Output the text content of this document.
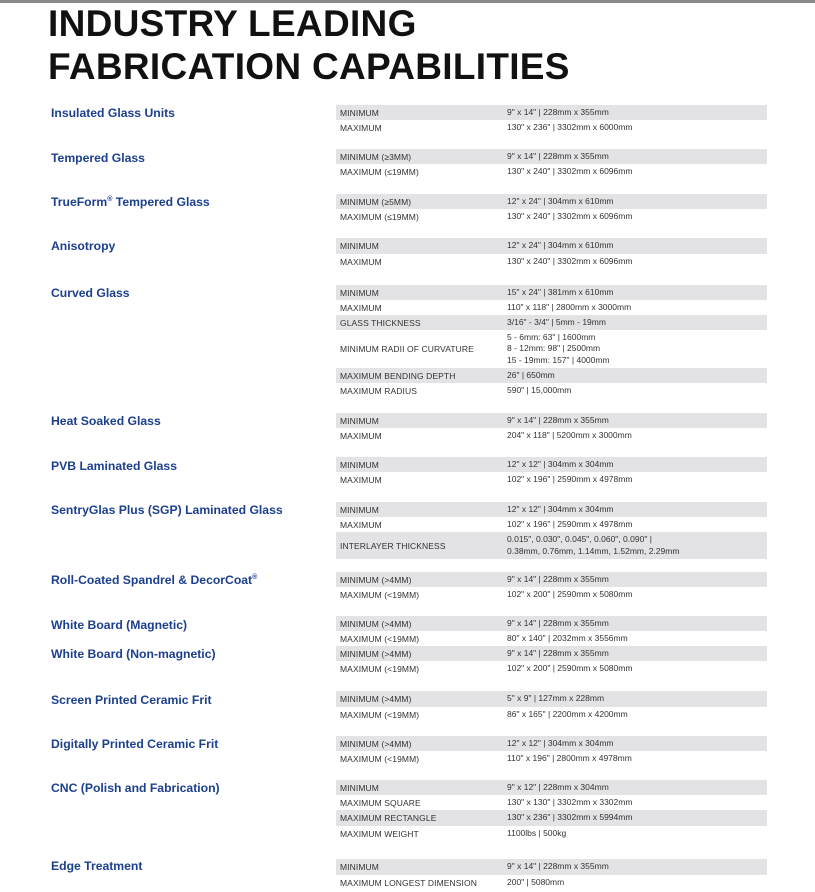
INDUSTRY LEADING
FABRICATION CAPABILITIES
Insulated Glass Units	MINIMUM	9" x 14" | 228mm x 355mm
MAXIMUM	130" x 236" | 3302mm x 6000mm
Tempered Glass	MINIMUM (≥3MM)	9" x 14" | 228mm x 355mm
MAXIMUM (≤19MM)	130" x 240" | 3302mm x 6096mm
TrueForm® Tempered Glass	MINIMUM (≥5MM)	12" x 24" | 304mm x 610mm
MAXIMUM (≤19MM)	130" x 240" | 3302mm x 6096mm
Anisotropy	MINIMUM	12" x 24" | 304mm x 610mm
MAXIMUM	130" x 240" | 3302mm x 6096mm
Curved Glass	MINIMUM	15" x 24" | 381mm x 610mm
MAXIMUM	110" x 118" | 2800mm x 3000mm
GLASS THICKNESS	3/16" - 3/4" | 5mm - 19mm
MINIMUM RADII OF CURVATURE
5 - 6mm: 63" | 1600mm
8 - 12mm: 98" | 2500mm
15 - 19mm: 157" | 4000mm
MAXIMUM BENDING DEPTH	26" | 650mm
MAXIMUM RADIUS	590" | 15,000mm
Heat Soaked Glass	MINIMUM	9" x 14" | 228mm x 355mm
MAXIMUM	204" x 118" | 5200mm x 3000mm
PVB Laminated Glass	MINIMUM	12" x 12" | 304mm x 304mm
MAXIMUM	102" x 196" | 2590mm x 4978mm
SentryGlas Plus (SGP) Laminated Glass	MINIMUM	12" x 12" | 304mm x 304mm
MAXIMUM	102" x 196" | 2590mm x 4978mm
INTERLAYER THICKNESS
0.015", 0.030", 0.045", 0.060", 0.090" |
0.38mm, 0.76mm, 1.14mm, 1.52mm, 2.29mm
Roll-Coated Spandrel & DecorCoat®	MINIMUM (>4MM)	9" x 14" | 228mm x 355mm
MAXIMUM (<19MM)	102" x 200" | 2590mm x 5080mm
White Board (Magnetic)	MINIMUM (>4MM)	9" x 14" | 228mm x 355mm
MAXIMUM (<19MM)	80" x 140" | 2032mm x 3556mm
White Board (Non-magnetic)	MINIMUM (>4MM)	9" x 14" | 228mm x 355mm
MAXIMUM (<19MM)	102" x 200" | 2590mm x 5080mm
Screen Printed Ceramic Frit	MINIMUM (>4MM)	5" x 9" | 127mm x 228mm
MAXIMUM (<19MM)	86" x 165" | 2200mm x 4200mm
Digitally Printed Ceramic Frit	MINIMUM (>4MM)	12" x 12" | 304mm x 304mm
MAXIMUM (<19MM)	110" x 196" | 2800mm x 4978mm
CNC (Polish and Fabrication)	MINIMUM	9" x 12" | 228mm x 304mm
MAXIMUM SQUARE	130" x 130" | 3302mm x 3302mm
MAXIMUM RECTANGLE	130" x 236" | 3302mm x 5994mm
MAXIMUM WEIGHT	1100lbs | 500kg
Edge Treatment	MINIMUM	9" x 14" | 228mm x 355mm
MAXIMUM LONGEST DIMENSION	200" | 5080mm
